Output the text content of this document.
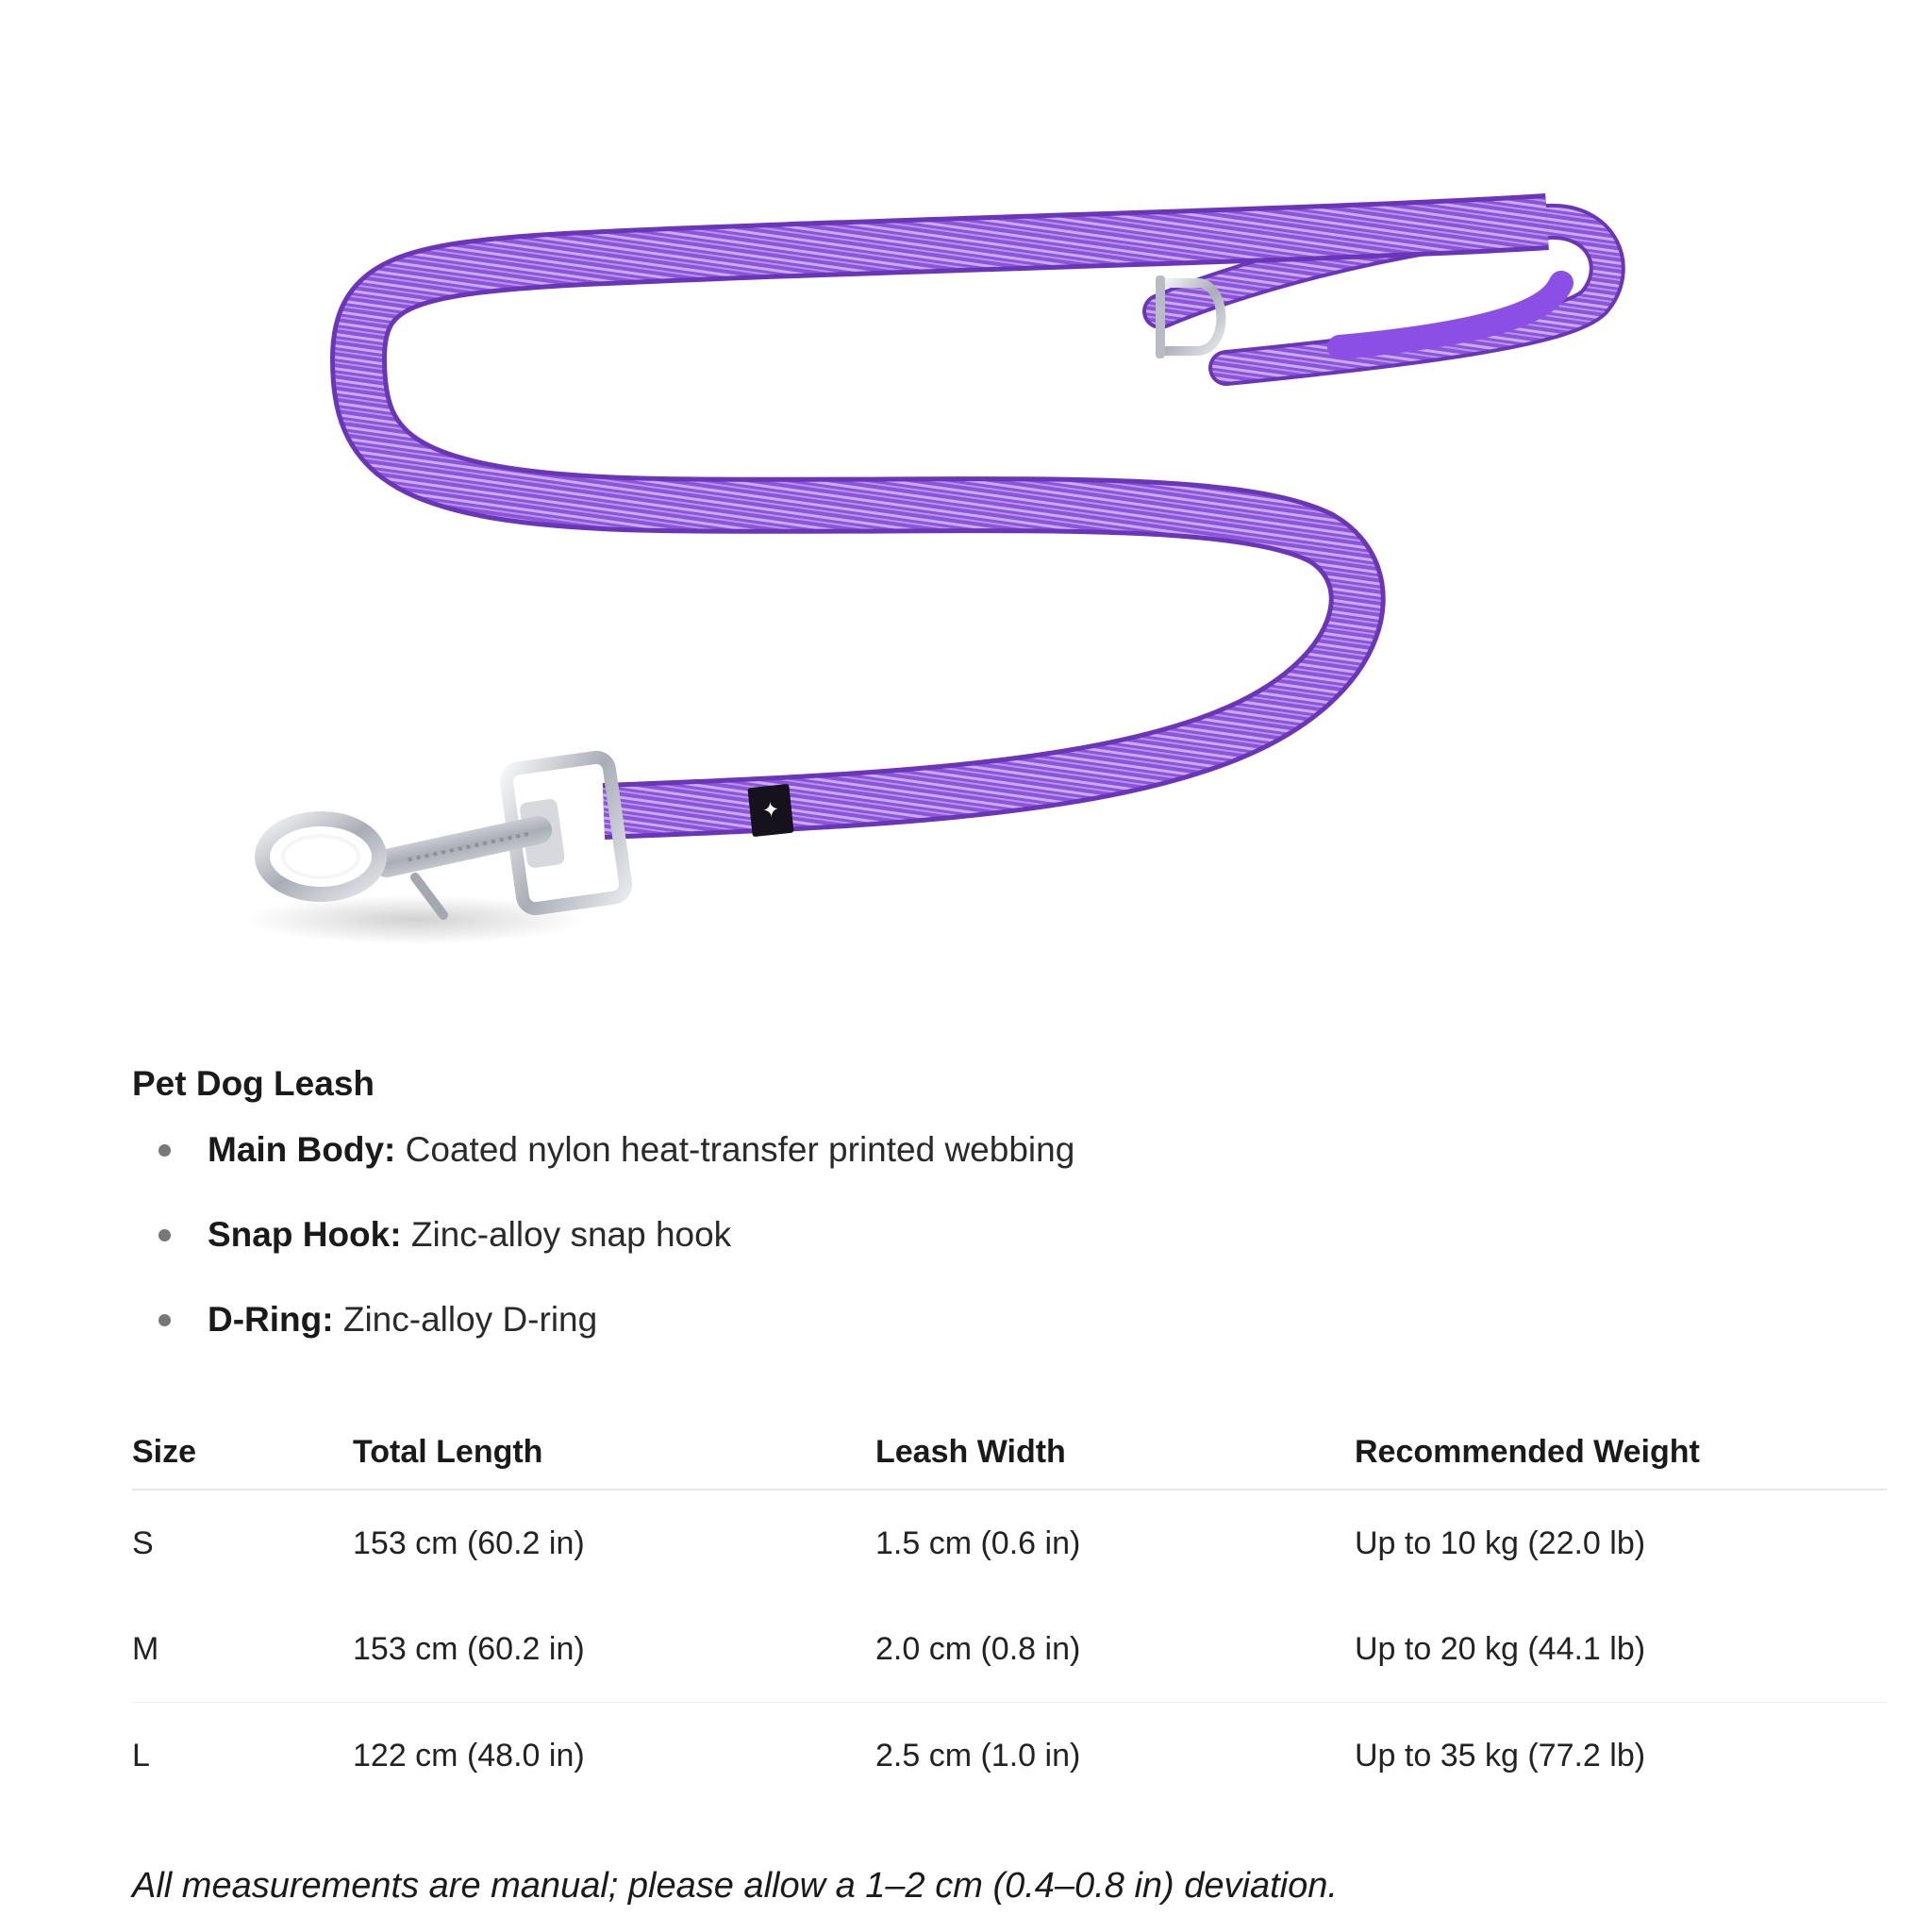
✦
Pet Dog Leash
Main Body: Coated nylon heat-transfer printed webbing
Snap Hook: Zinc-alloy snap hook
D-Ring: Zinc-alloy D-ring
Size	Total Length	Leash Width	Recommended Weight
S	153 cm (60.2 in)	1.5 cm (0.6 in)	Up to 10 kg (22.0 lb)
M	153 cm (60.2 in)	2.0 cm (0.8 in)	Up to 20 kg (44.1 lb)
L	122 cm (48.0 in)	2.5 cm (1.0 in)	Up to 35 kg (77.2 lb)
All measurements are manual; please allow a 1–2 cm (0.4–0.8 in) deviation.
